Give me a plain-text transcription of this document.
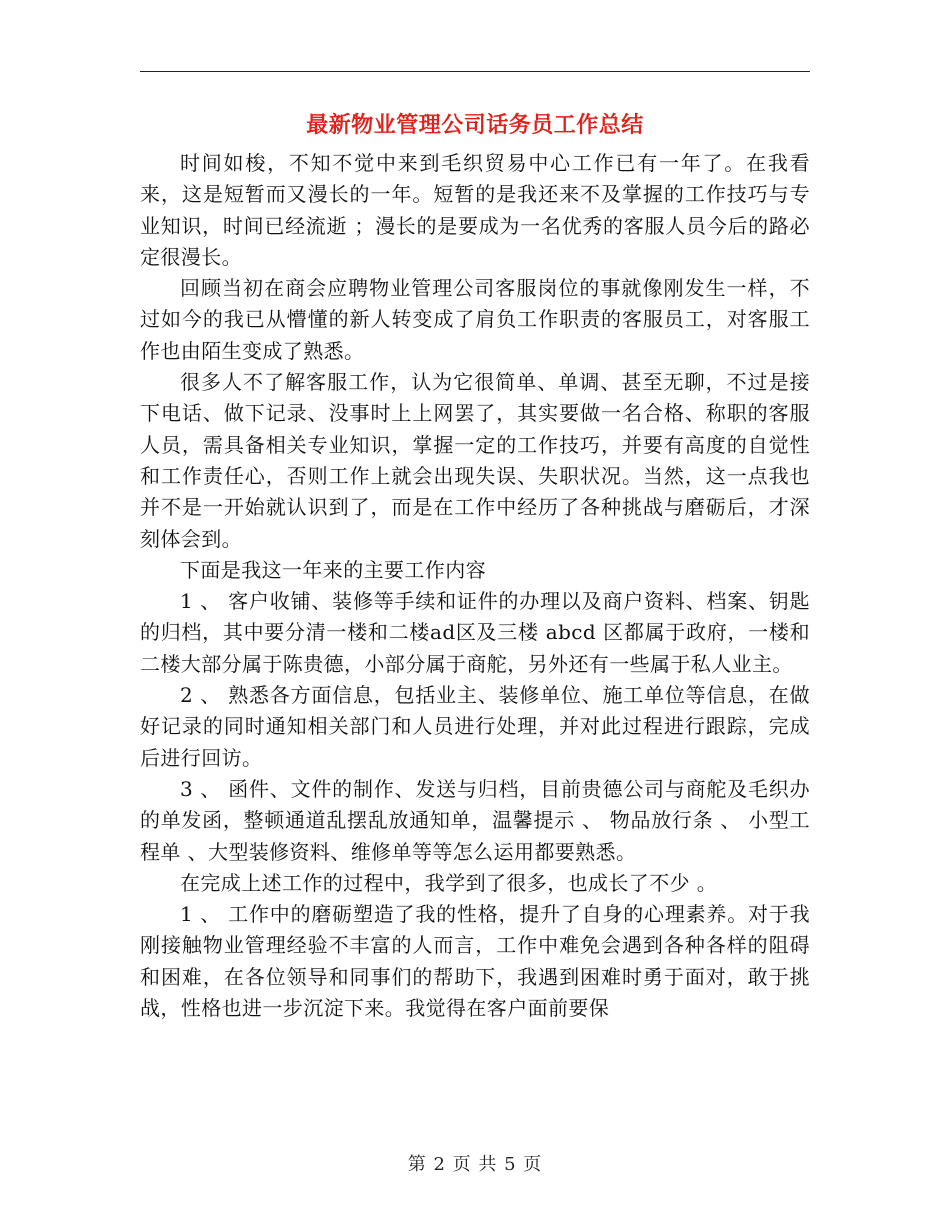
最新物业管理公司话务员工作总结

时间如梭，不知不觉中来到毛织贸易中心工作已有一年了。在我看来，这是短暂而又漫长的一年。短暂的是我还来不及掌握的工作技巧与专业知识，时间已经流逝 ；漫长的是要成为一名优秀的客服人员今后的路必定很漫长。

回顾当初在商会应聘物业管理公司客服岗位的事就像刚发生一样，不过如今的我已从懵懂的新人转变成了肩负工作职责的客服员工，对客服工作也由陌生变成了熟悉。

很多人不了解客服工作，认为它很简单、单调、甚至无聊，不过是接下电话、做下记录、没事时上上网罢了，其实要做一名合格、称职的客服人员，需具备相关专业知识，掌握一定的工作技巧，并要有高度的自觉性和工作责任心，否则工作上就会出现失误、失职状况。当然，这一点我也并不是一开始就认识到了，而是在工作中经历了各种挑战与磨砺后，才深刻体会到。

下面是我这一年来的主要工作内容

1 、 客户收铺、装修等手续和证件的办理以及商户资料、档案、钥匙的归档，其中要分清一楼和二楼ad区及三楼 abcd 区都属于政府，一楼和二楼大部分属于陈贵德，小部分属于商舵，另外还有一些属于私人业主。

2 、 熟悉各方面信息，包括业主、装修单位、施工单位等信息，在做好记录的同时通知相关部门和人员进行处理，并对此过程进行跟踪，完成后进行回访。

3 、 函件、文件的制作、发送与归档，目前贵德公司与商舵及毛织办的单发函，整顿通道乱摆乱放通知单，温馨提示 、 物品放行条 、 小型工程单 、大型装修资料、维修单等等怎么运用都要熟悉。

在完成上述工作的过程中，我学到了很多，也成长了不少 。

1 、 工作中的磨砺塑造了我的性格，提升了自身的心理素养。对于我刚接触物业管理经验不丰富的人而言，工作中难免会遇到各种各样的阻碍和困难，在各位领导和同事们的帮助下，我遇到困难时勇于面对，敢于挑战，性格也进一步沉淀下来。我觉得在客户面前要保

第 2 页 共 5 页
